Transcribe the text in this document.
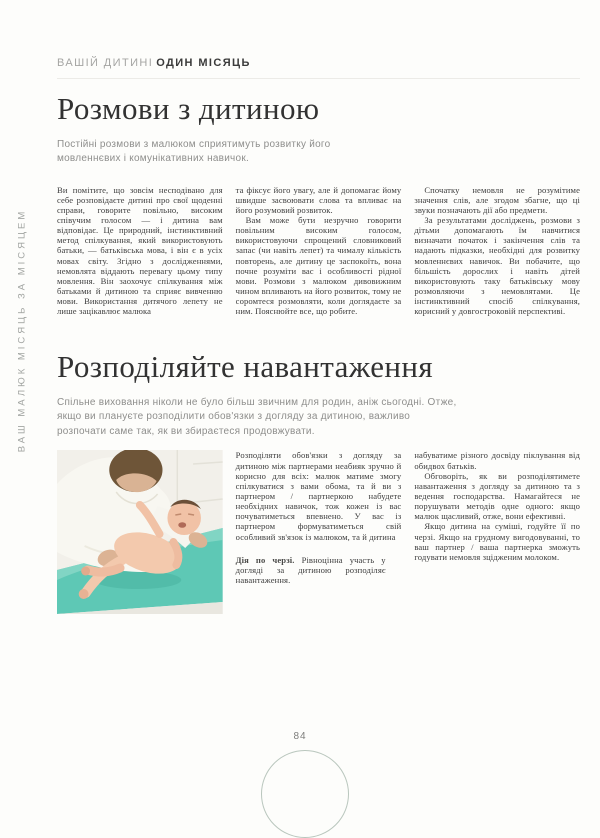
ВАШ МАЛЮК МІСЯЦЬ ЗА МІСЯЦЕМ
ВАШІЙ ДИТИНІ ОДИН МІСЯЦЬ
Розмови з дитиною

Постійні розмови з малюком сприятимуть розвитку його мовленнєвих і комунікативних навичок.

Ви помітите, що зовсім несподівано для себе розповідаєте дитині про свої щоденні справи, говорите повільно, високим співучим голосом — і дитина вам відповідає. Це природний, інстинктивний метод спілкування, який використовують батьки, — батьківська мова, і він є в усіх мовах світу. Згідно з дослідженнями, немовлята віддають перевагу цьому типу мовлення. Він заохочує спілкування між батьками й дитиною та сприяє вивченню мови. Використання дитячого лепету не лише зацікавлює малюка

та фіксує його увагу, але й допомагає йому швидше засвоювати слова та впливає на його розумовий розвиток.

Вам може бути незручно говорити повільним високим голосом, використовуючи спрощений словниковий запас (чи навіть лепет) та чималу кількість повторень, але дитину це заспокоїть, вона почне розуміти вас і особливості рідної мови. Розмови з малюком дивовижним чином впливають на його розвиток, тому не соромтеся розмовляти, коли доглядаєте за ним. Пояснюйте все, що робите.

Спочатку немовля не розумітиме значення слів, але згодом збагне, що ці звуки позначають дії або предмети.

За результатами досліджень, розмови з дітьми допомагають їм навчитися визначати початок і закінчення слів та надають підказки, необхідні для розвитку мовленнєвих навичок. Ви побачите, що більшість дорослих і навіть дітей використовують таку батьківську мову розмовляючи з немовлятами. Це інстинктивний спосіб спілкування, корисний у довгостроковій перспективі.

Розподіляйте навантаження

Спільне виховання ніколи не було більш звичним для родин, аніж сьогодні. Отже, якщо ви плануєте розподілити обов'язки з догляду за дитиною, важливо розпочати саме так, як ви збираєтеся продовжувати.

Розподіляти обов'язки з догляду за дитиною між партнерами неабияк зручно й корисно для всіх: малюк матиме змогу спілкуватися з вами обома, та й ви з партнером / партнеркою набудете необхідних навичок, тож кожен із вас почуватиметься впевнено. У вас із партнером формуватиметься свій особливий зв'язок із малюком, та й дитина

Дія по черзі. Рівноцінна участь у догляді за дитиною розподіляє навантаження.

набуватиме різного досвіду піклування від обидвох батьків.

Обговоріть, як ви розподілятимете навантаження з догляду за дитиною та з ведення господарства. Намагайтеся не порушувати методів одне одного: якщо малюк щасливий, отже, вони ефективні.

Якщо дитина на суміші, годуйте її по черзі. Якщо на грудному вигодовуванні, то ваш партнер / ваша партнерка зможуть годувати немовля зцідженим молоком.

84
